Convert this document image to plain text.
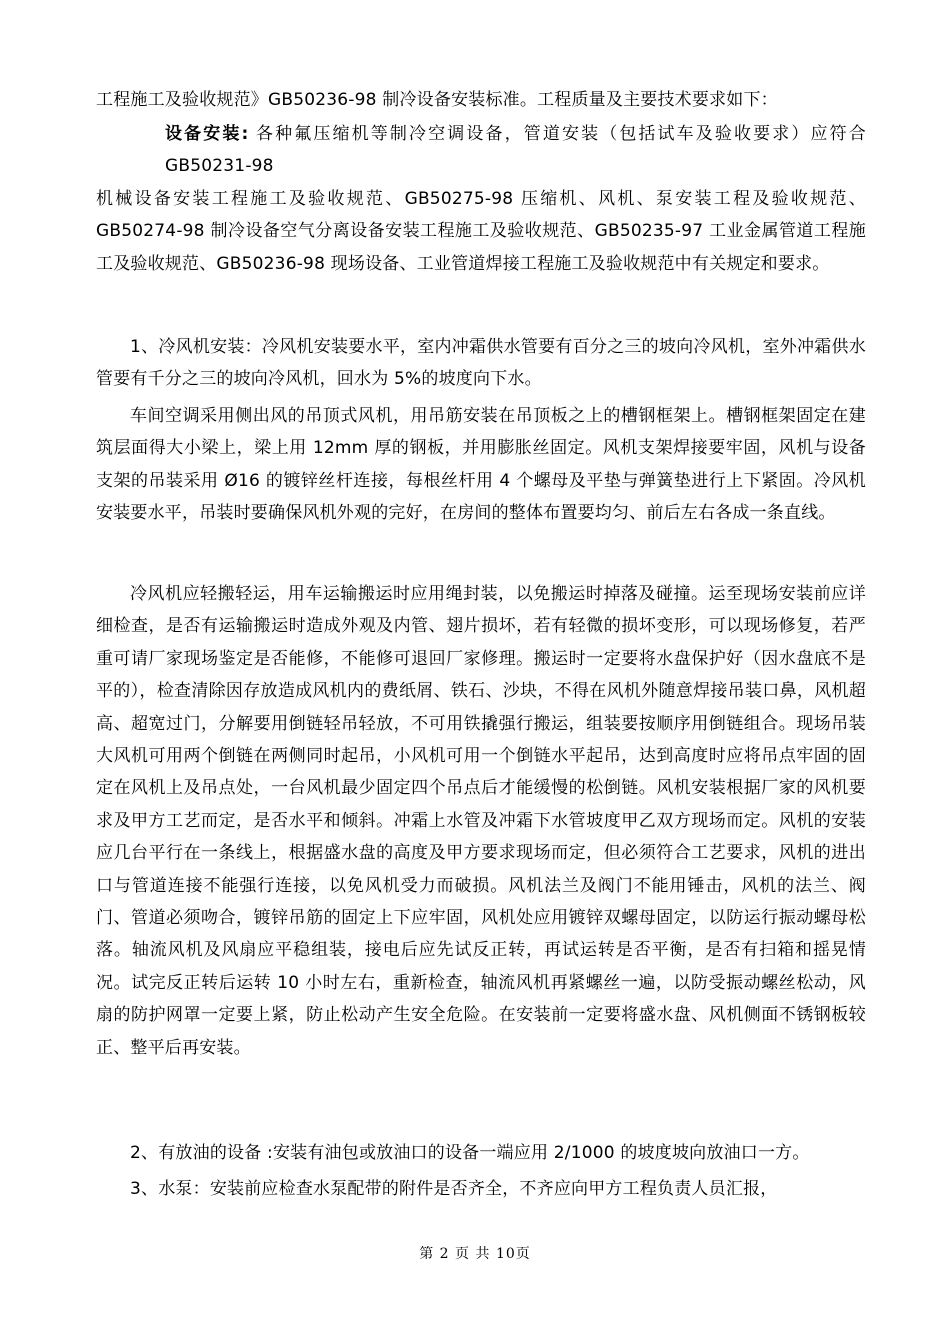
工程施工及验收规范》GB50236-98 制冷设备安装标准。工程质量及主要技术要求如下：

设备安装: 各种氟压缩机等制冷空调设备，管道安装（包括试车及验收要求）应符合 GB50231-98

机械设备安装工程施工及验收规范、GB50275-98 压缩机、风机、泵安装工程及验收规范、GB50274-98 制冷设备空气分离设备安装工程施工及验收规范、GB50235-97 工业金属管道工程施工及验收规范、GB50236-98 现场设备、工业管道焊接工程施工及验收规范中有关规定和要求。

1、冷风机安装：冷风机安装要水平，室内冲霜供水管要有百分之三的坡向冷风机，室外冲霜供水管要有千分之三的坡向冷风机，回水为 5%的坡度向下水。

车间空调采用侧出风的吊顶式风机，用吊筋安装在吊顶板之上的槽钢框架上。槽钢框架固定在建筑层面得大小梁上，梁上用 12mm 厚的钢板，并用膨胀丝固定。风机支架焊接要牢固，风机与设备支架的吊装采用 Ø16 的镀锌丝杆连接，每根丝杆用 4 个螺母及平垫与弹簧垫进行上下紧固。冷风机安装要水平，吊装时要确保风机外观的完好，在房间的整体布置要均匀、前后左右各成一条直线。

冷风机应轻搬轻运，用车运输搬运时应用绳封装，以免搬运时掉落及碰撞。运至现场安装前应详细检查，是否有运输搬运时造成外观及内管、翅片损坏，若有轻微的损坏变形，可以现场修复，若严重可请厂家现场鉴定是否能修，不能修可退回厂家修理。搬运时一定要将水盘保护好（因水盘底不是平的），检查清除因存放造成风机内的费纸屑、铁石、沙块，不得在风机外随意焊接吊装口鼻，风机超高、超宽过门，分解要用倒链轻吊轻放，不可用铁撬强行搬运，组装要按顺序用倒链组合。现场吊装大风机可用两个倒链在两侧同时起吊，小风机可用一个倒链水平起吊，达到高度时应将吊点牢固的固定在风机上及吊点处，一台风机最少固定四个吊点后才能缓慢的松倒链。风机安装根据厂家的风机要求及甲方工艺而定，是否水平和倾斜。冲霜上水管及冲霜下水管坡度甲乙双方现场而定。风机的安装应几台平行在一条线上，根据盛水盘的高度及甲方要求现场而定，但必须符合工艺要求，风机的进出口与管道连接不能强行连接，以免风机受力而破损。风机法兰及阀门不能用锤击，风机的法兰、阀门、管道必须吻合，镀锌吊筋的固定上下应牢固，风机处应用镀锌双螺母固定，以防运行振动螺母松落。轴流风机及风扇应平稳组装，接电后应先试反正转，再试运转是否平衡，是否有扫箱和摇晃情况。试完反正转后运转 10 小时左右，重新检查，轴流风机再紧螺丝一遍，以防受振动螺丝松动，风扇的防护网罩一定要上紧，防止松动产生安全危险。在安装前一定要将盛水盘、风机侧面不锈钢板较正、整平后再安装。

2、有放油的设备 :安装有油包或放油口的设备一端应用 2/1000 的坡度坡向放油口一方。

3、水泵：安装前应检查水泵配带的附件是否齐全，不齐应向甲方工程负责人员汇报，

第 2 页 共 10页
